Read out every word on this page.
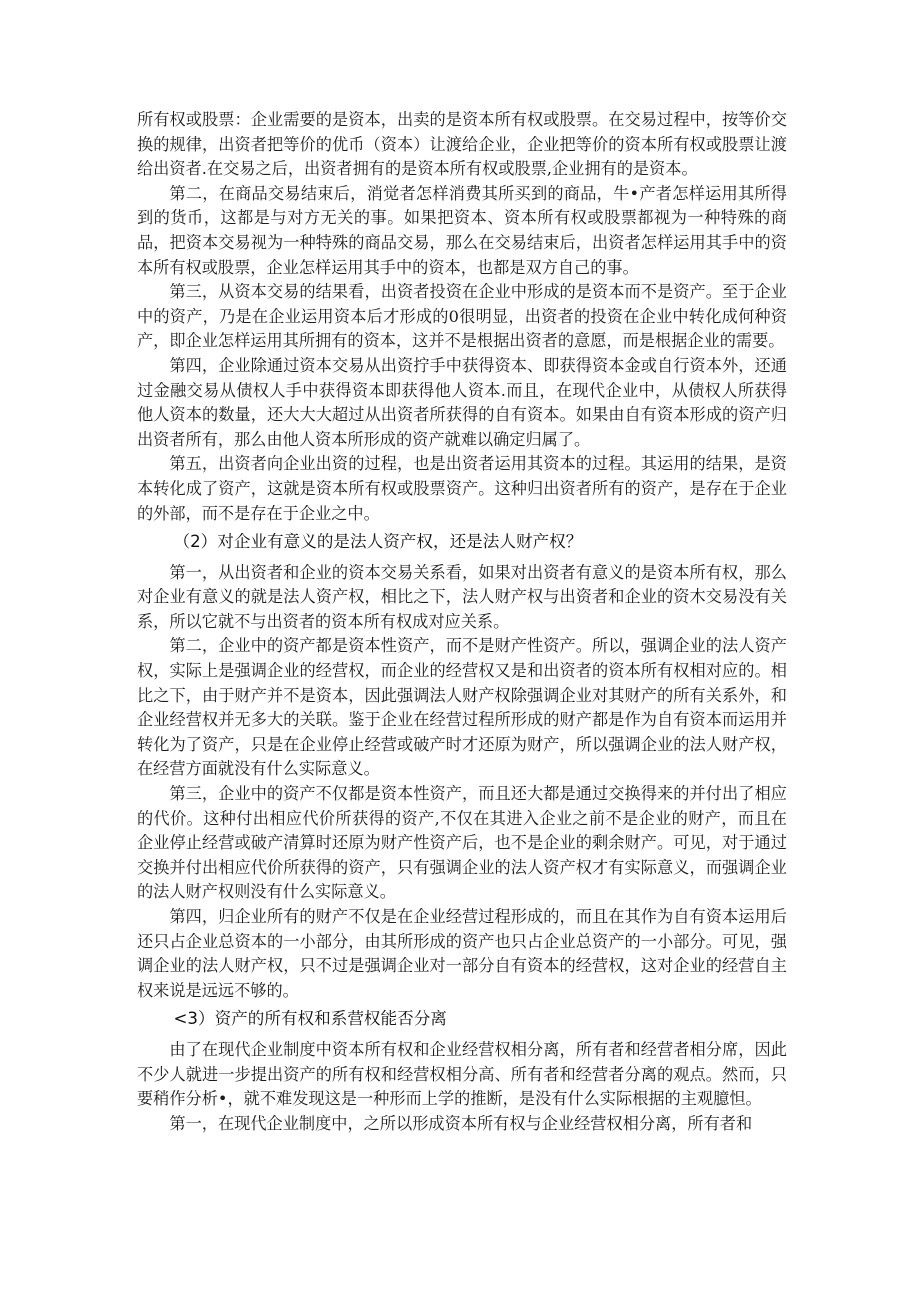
所有权或股票：企业需要的是资本，出卖的是资本所有权或股票。在交易过程中，按等价交换的规律，出资者把等价的优币（资本）让渡给企业，企业把等价的资本所有权或股票让渡给出资者.在交易之后，出资者拥有的是资本所有权或股票,企业拥有的是资本。

第二，在商品交易结束后，消觉者怎样消费其所买到的商品，牛•产者怎样运用其所得到的货币，这都是与对方无关的事。如果把资本、资本所有权或股票都视为一种特殊的商品，把资本交易视为一种特殊的商品交易，那么在交易结束后，出资者怎样运用其手中的资本所有权或股票，企业怎样运用其手中的资本，也都是双方自己的事。

第三，从资本交易的结果看，出资者投资在企业中形成的是资本而不是资产。至于企业中的资产，乃是在企业运用资本后才形成的0很明显，出资者的投资在企业中转化成何种资产，即企业怎样运用其所拥有的资本，这并不是根据出资者的意愿，而是根据企业的需要。

第四，企业除通过资本交易从出资拧手中获得资本、即获得资本金或自行资本外，还通过金融交易从债权人手中获得资本即获得他人资本.而且，在现代企业中，从债权人所获得他人资本的数量，还大大大超过从出资者所获得的自有资本。如果由自有资本形成的资产归出资者所有，那么由他人资本所形成的资产就难以确定归属了。

第五，出资者向企业出资的过程，也是出资者运用其资本的过程。其运用的结果，是资本转化成了资产，这就是资本所有权或股票资产。这种归出资者所有的资产，是存在于企业的外部，而不是存在于企业之中。

（2）对企业有意义的是法人资产权，还是法人财产权？

第一，从出资者和企业的资本交易关系看，如果对出资者有意义的是资本所有权，那么对企业有意义的就是法人资产权，相比之下，法人财产权与出资者和企业的资木交易没有关系，所以它就不与出资者的资本所有权成对应关系。

第二，企业中的资产都是资本性资产，而不是财产性资产。所以，强调企业的法人资产权，实际上是强调企业的经营权，而企业的经营权又是和出资者的资本所有权相对应的。相比之下，由于财产并不是资本，因此强调法人财产权除强调企业对其财产的所有关系外，和企业经营权并无多大的关联。鉴于企业在经营过程所形成的财产都是作为自有资本而运用并转化为了资产，只是在企业停止经营或破产时才还原为财产，所以强调企业的法人财产权，在经营方面就没有什么实际意义。

第三，企业中的资产不仅都是资本性资产，而且还大都是通过交换得来的并付出了相应的代价。这种付出相应代价所获得的资产,不仅在其进入企业之前不是企业的财产，而且在企业停止经营或破产清算时还原为财产性资产后，也不是企业的剩余财产。可见，对于通过交换并付出相应代价所获得的资产，只有强调企业的法人资产权才有实际意义，而强调企业的法人财产权则没有什么实际意义。

第四，归企业所有的财产不仅是在企业经营过程形成的，而且在其作为自有资本运用后还只占企业总资本的一小部分，由其所形成的资产也只占企业总资产的一小部分。可见，强调企业的法人财产权，只不过是强调企业对一部分自有资本的经营权，这对企业的经营自主权来说是远远不够的。

<3）资产的所有权和系营权能否分离

由了在现代企业制度中资本所有权和企业经营权相分离，所有者和经营者相分席，因此不少人就进一步提出资产的所有权和经营权相分高、所有者和经营者分离的观点。然而，只要稍作分析•，就不难发现这是一种形而上学的推断，是没有什么实际根据的主观臆怛。

第一，在现代企业制度中，之所以形成资本所有权与企业经营权相分离，所有者和
